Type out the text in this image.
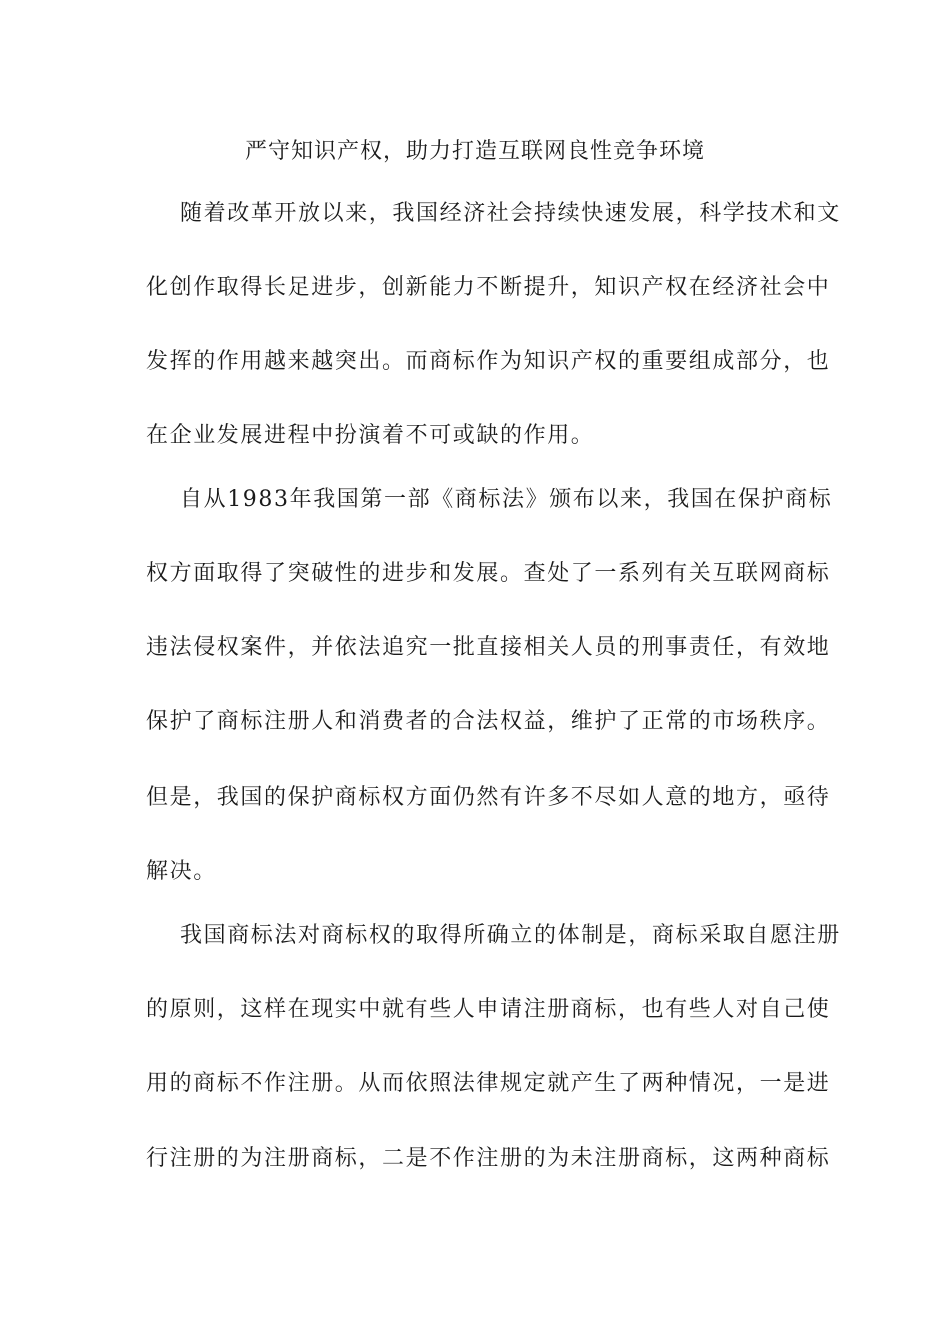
严守知识产权，助力打造互联网良性竞争环境
随着改革开放以来，我国经济社会持续快速发展，科学技术和文
化创作取得长足进步，创新能力不断提升，知识产权在经济社会中
发挥的作用越来越突出。而商标作为知识产权的重要组成部分，也
在企业发展进程中扮演着不可或缺的作用。
自从1983年我国第一部《商标法》颁布以来，我国在保护商标
权方面取得了突破性的进步和发展。查处了一系列有关互联网商标
违法侵权案件，并依法追究一批直接相关人员的刑事责任，有效地
保护了商标注册人和消费者的合法权益，维护了正常的市场秩序。
但是，我国的保护商标权方面仍然有许多不尽如人意的地方，亟待
解决。
我国商标法对商标权的取得所确立的体制是，商标采取自愿注册
的原则，这样在现实中就有些人申请注册商标，也有些人对自己使
用的商标不作注册。从而依照法律规定就产生了两种情况，一是进
行注册的为注册商标，二是不作注册的为未注册商标，这两种商标
